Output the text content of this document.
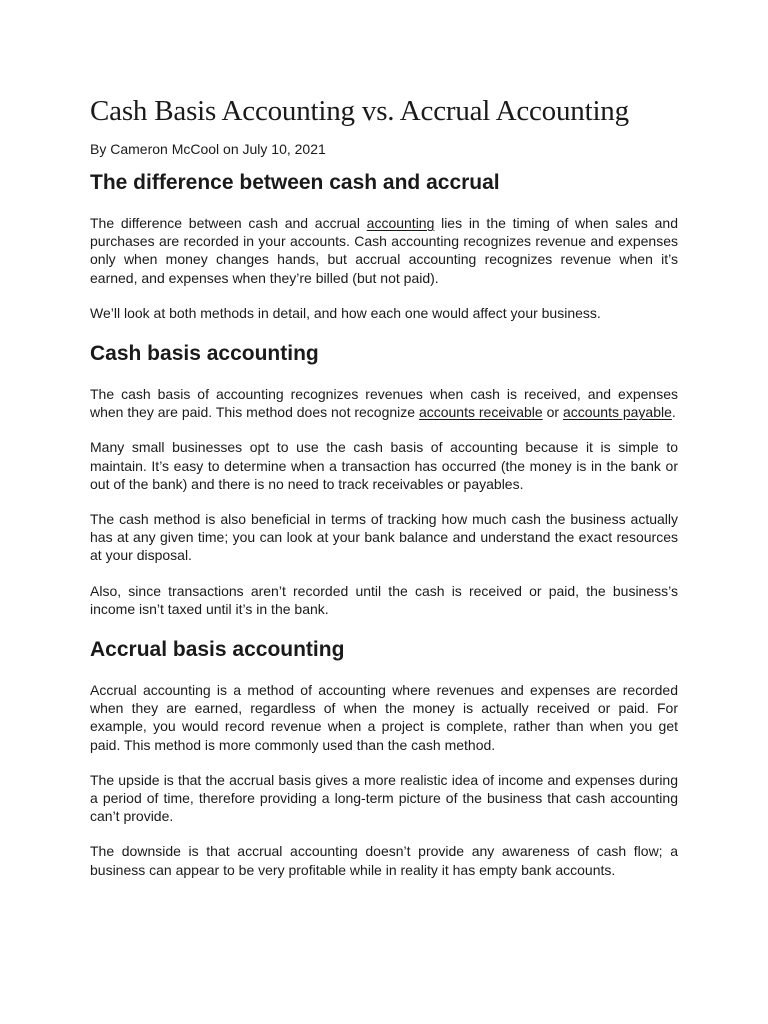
Cash Basis Accounting vs. Accrual Accounting

By Cameron McCool on July 10, 2021

The difference between cash and accrual

The difference between cash and accrual accounting lies in the timing of when sales and purchases are recorded in your accounts. Cash accounting recognizes revenue and expenses only when money changes hands, but accrual accounting recognizes revenue when it’s earned, and expenses when they’re billed (but not paid).

We’ll look at both methods in detail, and how each one would affect your business.

Cash basis accounting

The cash basis of accounting recognizes revenues when cash is received, and expenses when they are paid. This method does not recognize accounts receivable or accounts payable.

Many small businesses opt to use the cash basis of accounting because it is simple to maintain. It’s easy to determine when a transaction has occurred (the money is in the bank or out of the bank) and there is no need to track receivables or payables.

The cash method is also beneficial in terms of tracking how much cash the business actually has at any given time; you can look at your bank balance and understand the exact resources at your disposal.

Also, since transactions aren’t recorded until the cash is received or paid, the business’s income isn’t taxed until it’s in the bank.

Accrual basis accounting

Accrual accounting is a method of accounting where revenues and expenses are recorded when they are earned, regardless of when the money is actually received or paid. For example, you would record revenue when a project is complete, rather than when you get paid. This method is more commonly used than the cash method.

The upside is that the accrual basis gives a more realistic idea of income and expenses during a period of time, therefore providing a long-term picture of the business that cash accounting can’t provide.

The downside is that accrual accounting doesn’t provide any awareness of cash flow; a business can appear to be very profitable while in reality it has empty bank accounts.
